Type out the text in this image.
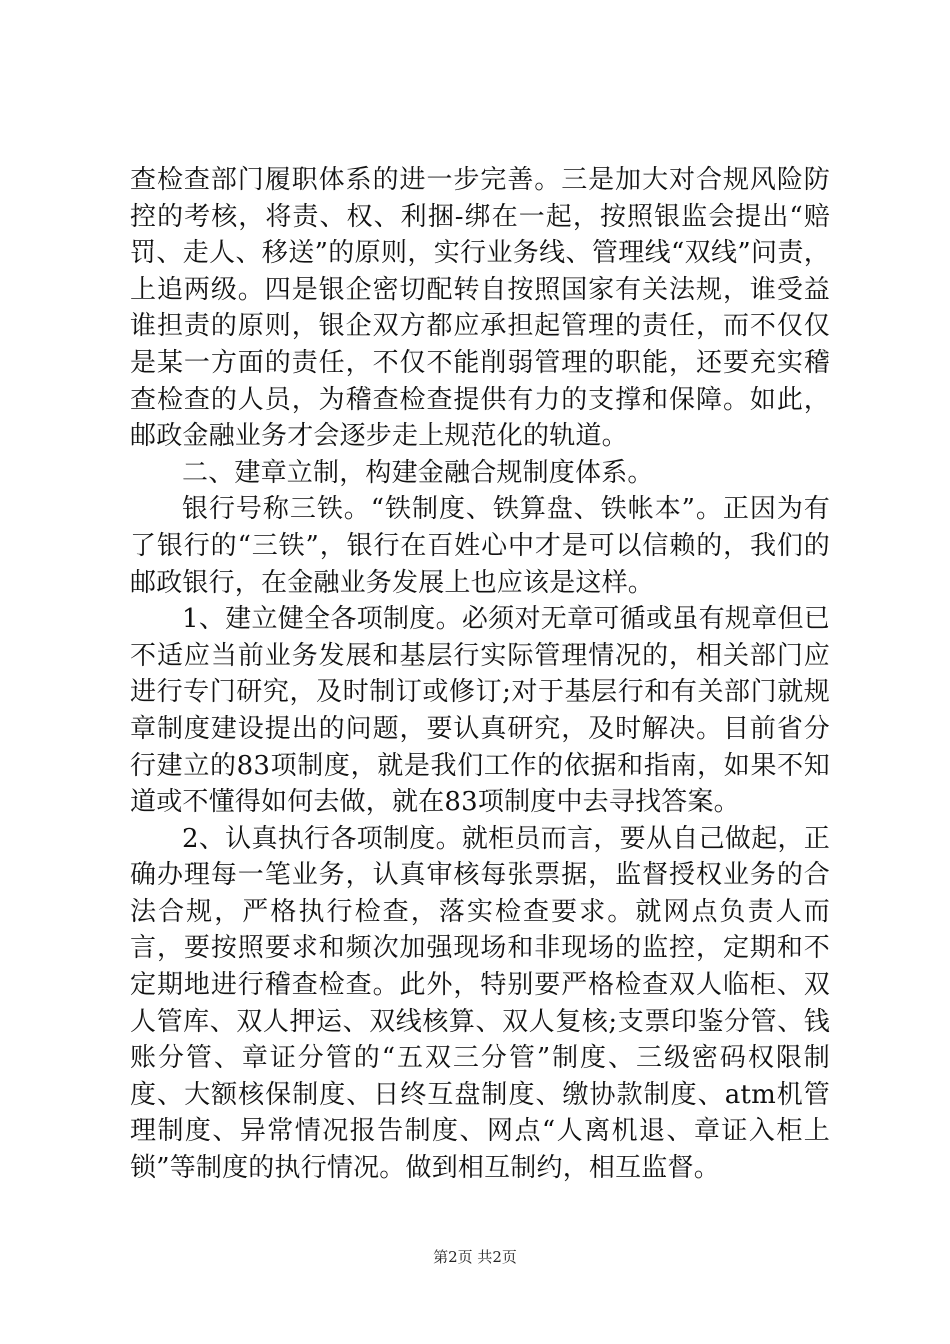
查检查部门履职体系的进一步完善。三是加大对合规风险防控的考核，将责、权、利捆-绑在一起，按照银监会提出“赔罚、走人、移送”的原则，实行业务线、管理线“双线”问责，上追两级。四是银企密切配转自按照国家有关法规，谁受益谁担责的原则，银企双方都应承担起管理的责任，而不仅仅是某一方面的责任，不仅不能削弱管理的职能，还要充实稽查检查的人员，为稽查检查提供有力的支撑和保障。如此，邮政金融业务才会逐步走上规范化的轨道。

二、建章立制，构建金融合规制度体系。

银行号称三铁。“铁制度、铁算盘、铁帐本”。正因为有了银行的“三铁”，银行在百姓心中才是可以信赖的，我们的邮政银行，在金融业务发展上也应该是这样。

1、建立健全各项制度。必须对无章可循或虽有规章但已不适应当前业务发展和基层行实际管理情况的，相关部门应进行专门研究，及时制订或修订;对于基层行和有关部门就规章制度建设提出的问题，要认真研究，及时解决。目前省分行建立的83项制度，就是我们工作的依据和指南，如果不知道或不懂得如何去做，就在83项制度中去寻找答案。

2、认真执行各项制度。就柜员而言，要从自己做起，正确办理每一笔业务，认真审核每张票据，监督授权业务的合法合规，严格执行检查，落实检查要求。就网点负责人而言，要按照要求和频次加强现场和非现场的监控，定期和不定期地进行稽查检查。此外，特别要严格检查双人临柜、双人管库、双人押运、双线核算、双人复核;支票印鉴分管、钱账分管、章证分管的“五双三分管”制度、三级密码权限制度、大额核保制度、日终互盘制度、缴协款制度、atm机管理制度、异常情况报告制度、网点“人离机退、章证入柜上锁”等制度的执行情况。做到相互制约，相互监督。

第2页 共2页
